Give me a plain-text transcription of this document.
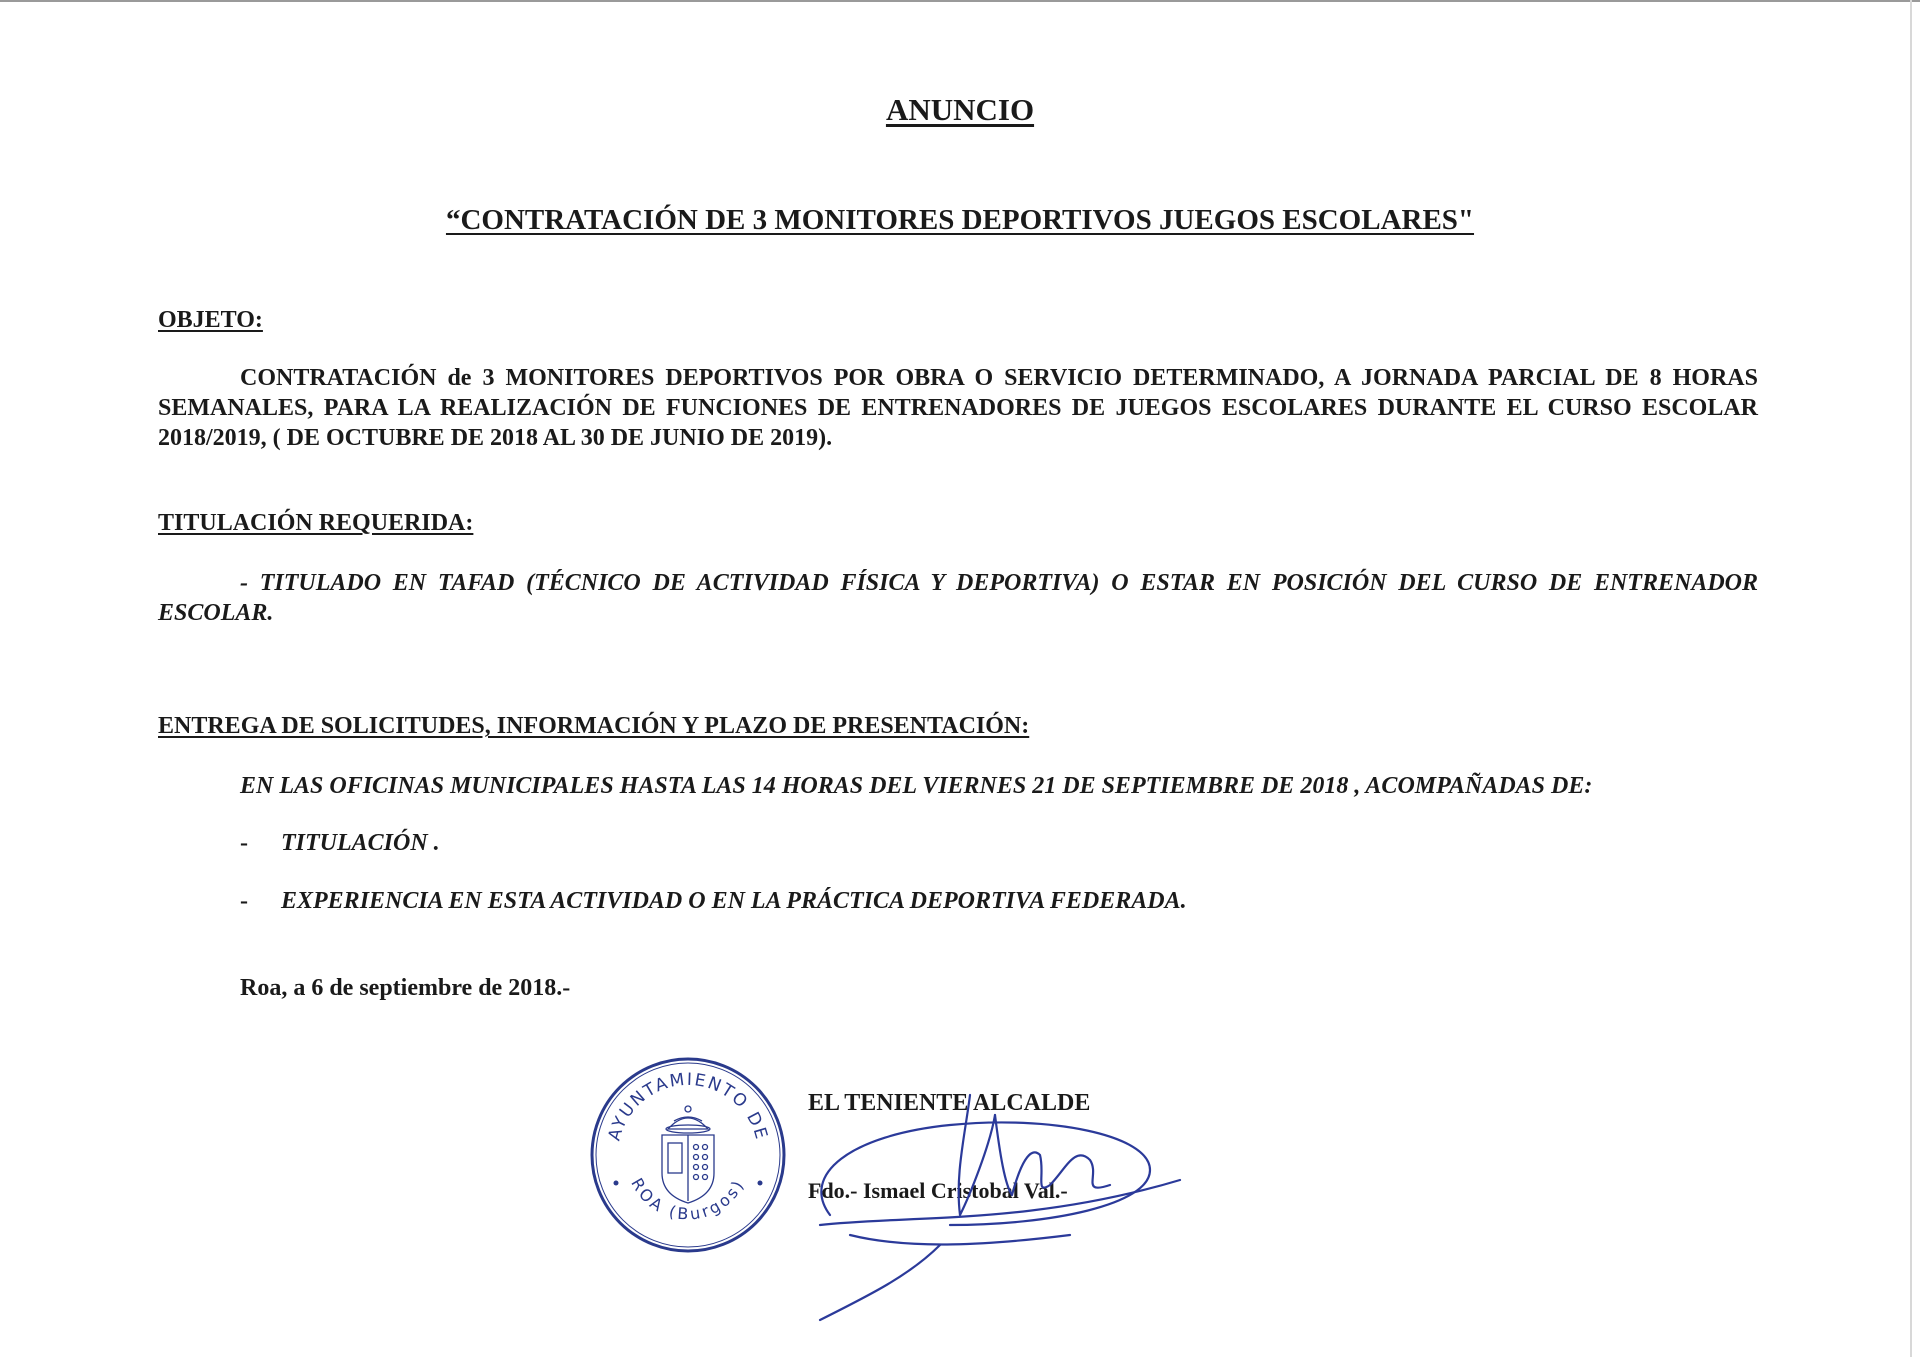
ANUNCIO
“CONTRATACIÓN DE 3 MONITORES DEPORTIVOS JUEGOS ESCOLARES"
OBJETO:

CONTRATACIÓN de 3 MONITORES DEPORTIVOS POR OBRA O SERVICIO DETERMINADO, A JORNADA PARCIAL DE 8 HORAS SEMANALES, PARA LA REALIZACIÓN DE FUNCIONES DE ENTRENADORES DE JUEGOS ESCOLARES DURANTE EL CURSO ESCOLAR 2018/2019, ( DE OCTUBRE DE 2018 AL 30 DE JUNIO DE 2019).

TITULACIÓN REQUERIDA:

- TITULADO EN TAFAD (TÉCNICO DE ACTIVIDAD FÍSICA Y DEPORTIVA) O ESTAR EN POSICIÓN DEL CURSO DE ENTRENADOR ESCOLAR.

ENTREGA DE SOLICITUDES, INFORMACIÓN Y PLAZO DE PRESENTACIÓN:
EN LAS OFICINAS MUNICIPALES HASTA LAS 14 HORAS DEL VIERNES 21 DE SEPTIEMBRE DE 2018 , ACOMPAÑADAS DE:
- TITULACIÓN .
- EXPERIENCIA EN ESTA ACTIVIDAD O EN LA PRÁCTICA DEPORTIVA FEDERADA.
Roa, a 6 de septiembre de 2018.-
AYUNTAMIENTO DE
ROA (Burgos)
EL TENIENTE ALCALDE
Fdo.- Ismael Cristobal Val.-
